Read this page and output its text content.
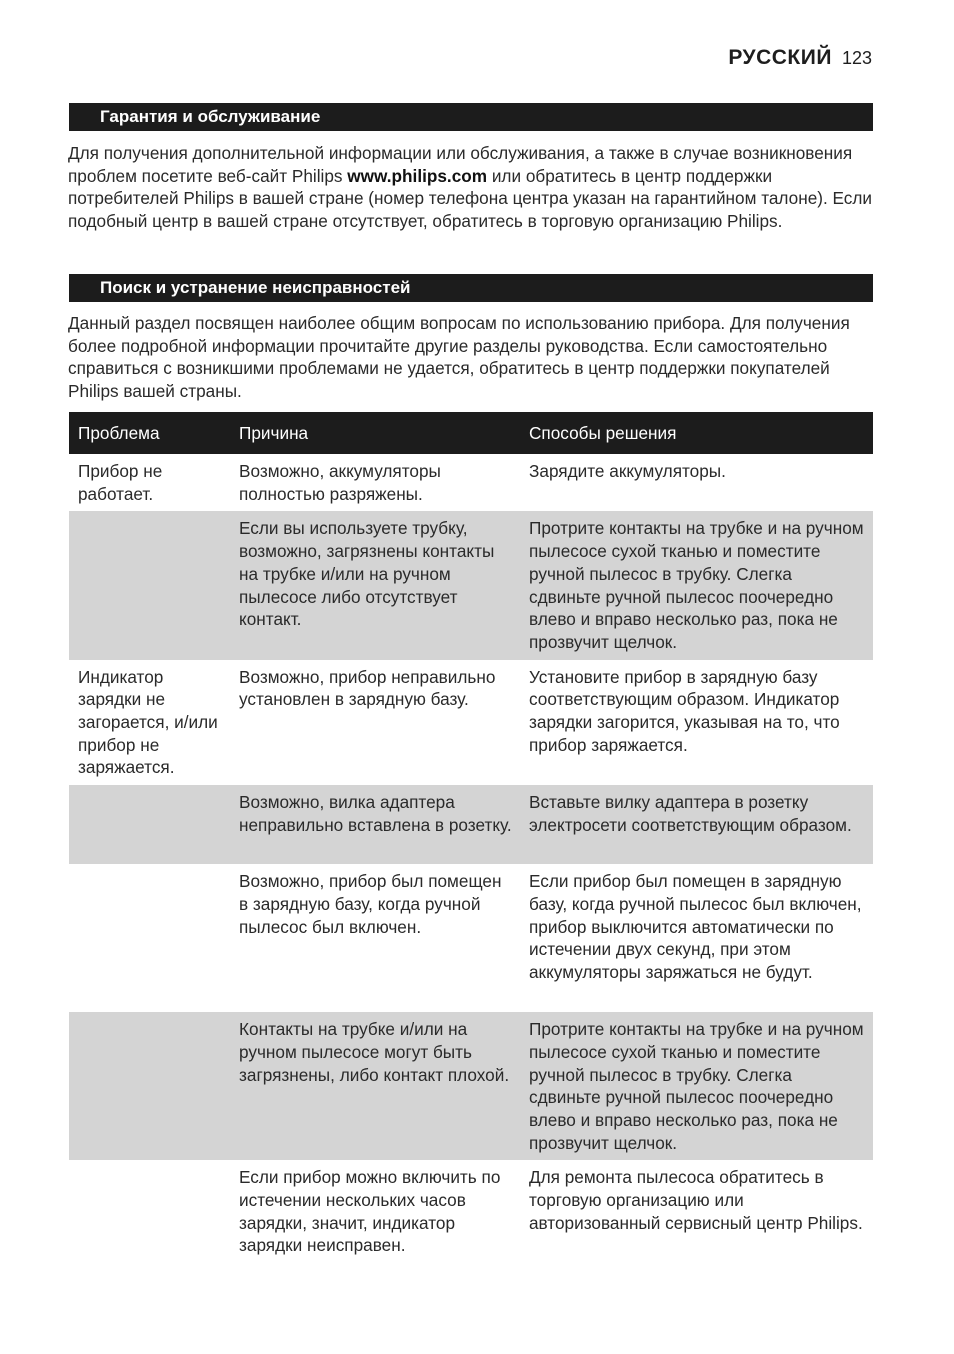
РУССКИЙ 123
Гарантия и обслуживание

Для получения дополнительной информации или обслуживания, а также в случае возникновения проблем посетите веб-сайт Philips www.philips.com или обратитесь в центр поддержки потребителей Philips в вашей стране (номер телефона центра указан на гарантийном талоне). Если подобный центр в вашей стране отсутствует, обратитесь в торговую организацию Philips.

Поиск и устранение неисправностей

Данный раздел посвящен наиболее общим вопросам по использованию прибора. Для получения более подробной информации прочитайте другие разделы руководства. Если самостоятельно справиться с возникшими проблемами не удается, обратитесь в центр поддержки покупателей Philips вашей страны.

Проблема	Причина	Способы решения
Прибор не работает.	Возможно, аккумуляторы полностью разряжены.	Зарядите аккумуляторы.
	Если вы используете трубку, возможно, загрязнены контакты на трубке и/или на ручном пылесосе либо отсутствует контакт.	Протрите контакты на трубке и на ручном пылесосе сухой тканью и поместите ручной пылесос в трубку. Слегка сдвиньте ручной пылесос поочередно влево и вправо несколько раз, пока не прозвучит щелчок.
Индикатор зарядки не загорается, и/или прибор не заряжается.	Возможно, прибор неправильно установлен в зарядную базу.	Установите прибор в зарядную базу соответствующим образом. Индикатор зарядки загорится, указывая на то, что прибор заряжается.
	Возможно, вилка адаптера неправильно вставлена в розетку.	Вставьте вилку адаптера в розетку электросети соответствующим образом.
	Возможно, прибор был помещен в зарядную базу, когда ручной пылесос был включен.	Если прибор был помещен в зарядную базу, когда ручной пылесос был включен, прибор выключится автоматически по истечении двух секунд, при этом аккумуляторы заряжаться не будут.
	Контакты на трубке и/или на ручном пылесосе могут быть загрязнены, либо контакт плохой.	Протрите контакты на трубке и на ручном пылесосе сухой тканью и поместите ручной пылесос в трубку. Слегка сдвиньте ручной пылесос поочередно влево и вправо несколько раз, пока не прозвучит щелчок.
	Если прибор можно включить по истечении нескольких часов зарядки, значит, индикатор зарядки неисправен.	Для ремонта пылесоса обратитесь в торговую организацию или авторизованный сервисный центр Philips.
